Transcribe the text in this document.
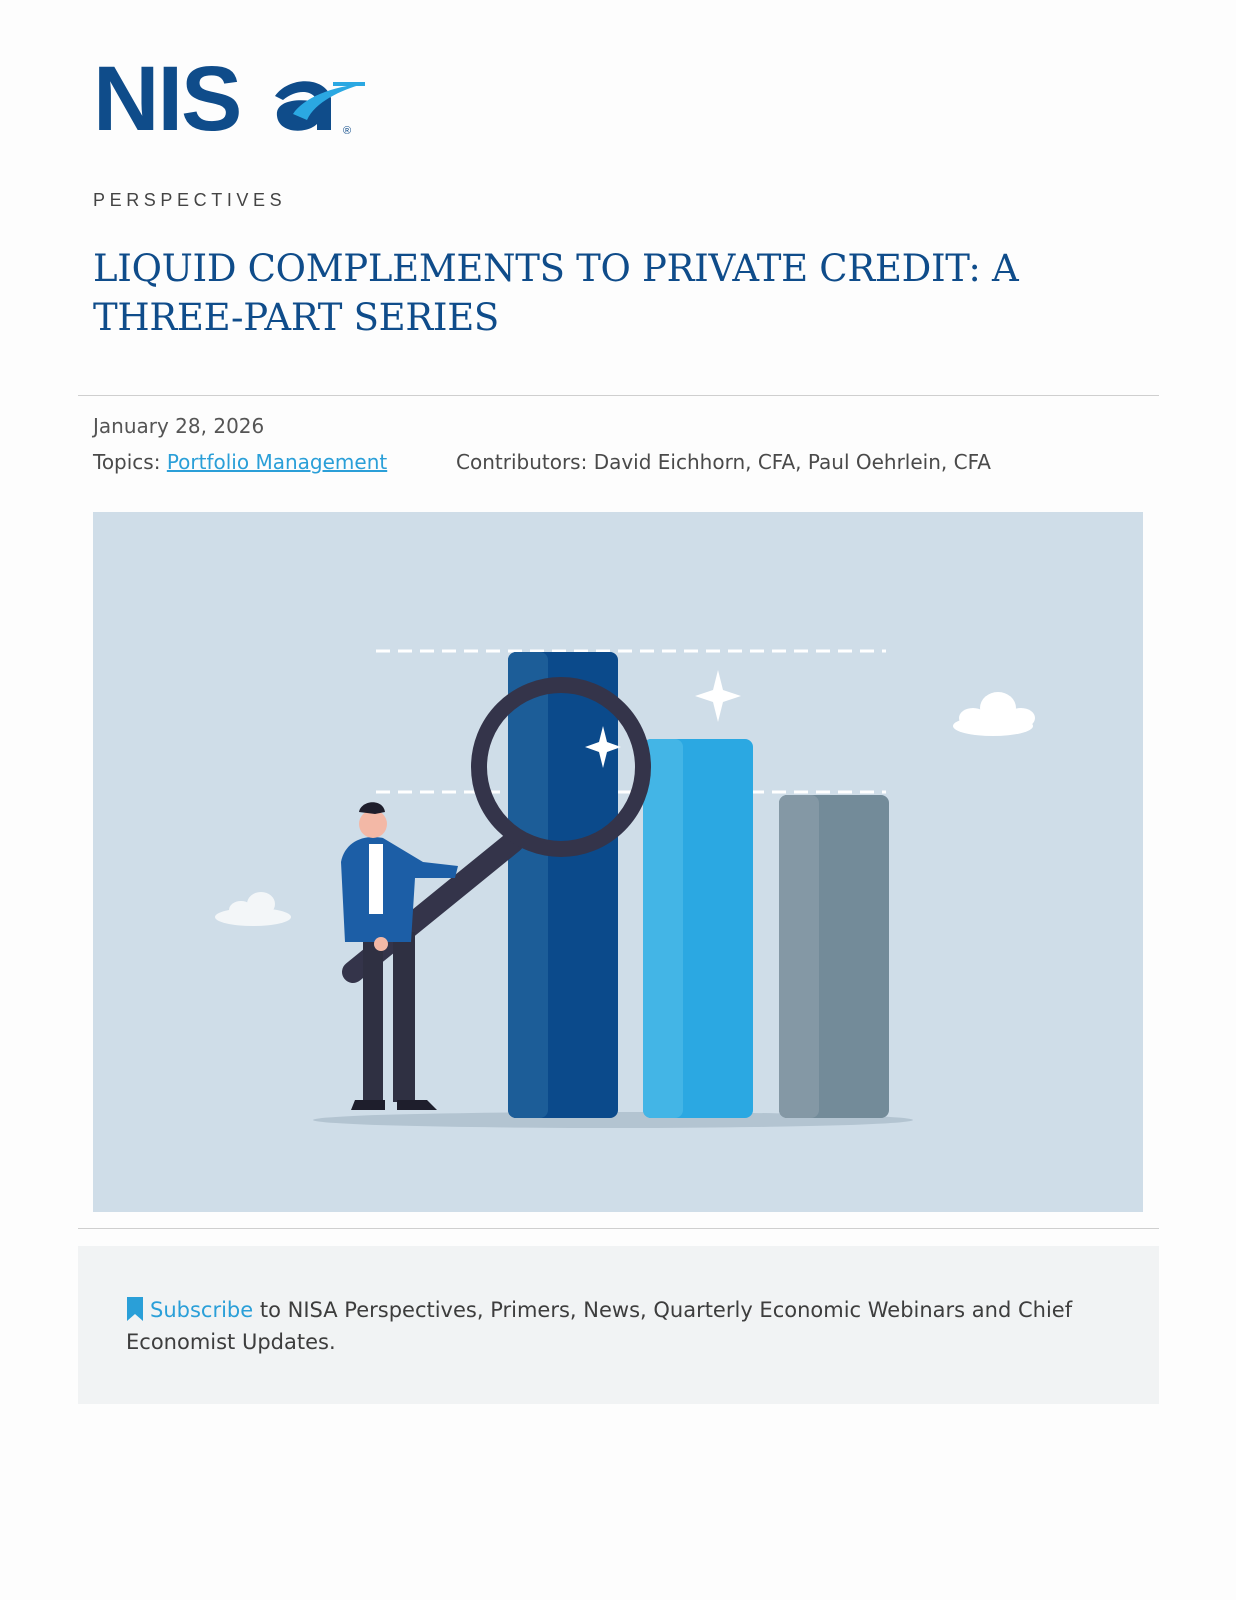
NIS	®
PERSPECTIVES
LIQUID COMPLEMENTS TO PRIVATE CREDIT: A THREE-PART SERIES
January 28, 2026
Topics: Portfolio Management	Contributors: David Eichhorn, CFA, Paul Oehrlein, CFA
Subscribe to NISA Perspectives, Primers, News, Quarterly Economic Webinars and Chief Economist Updates.
